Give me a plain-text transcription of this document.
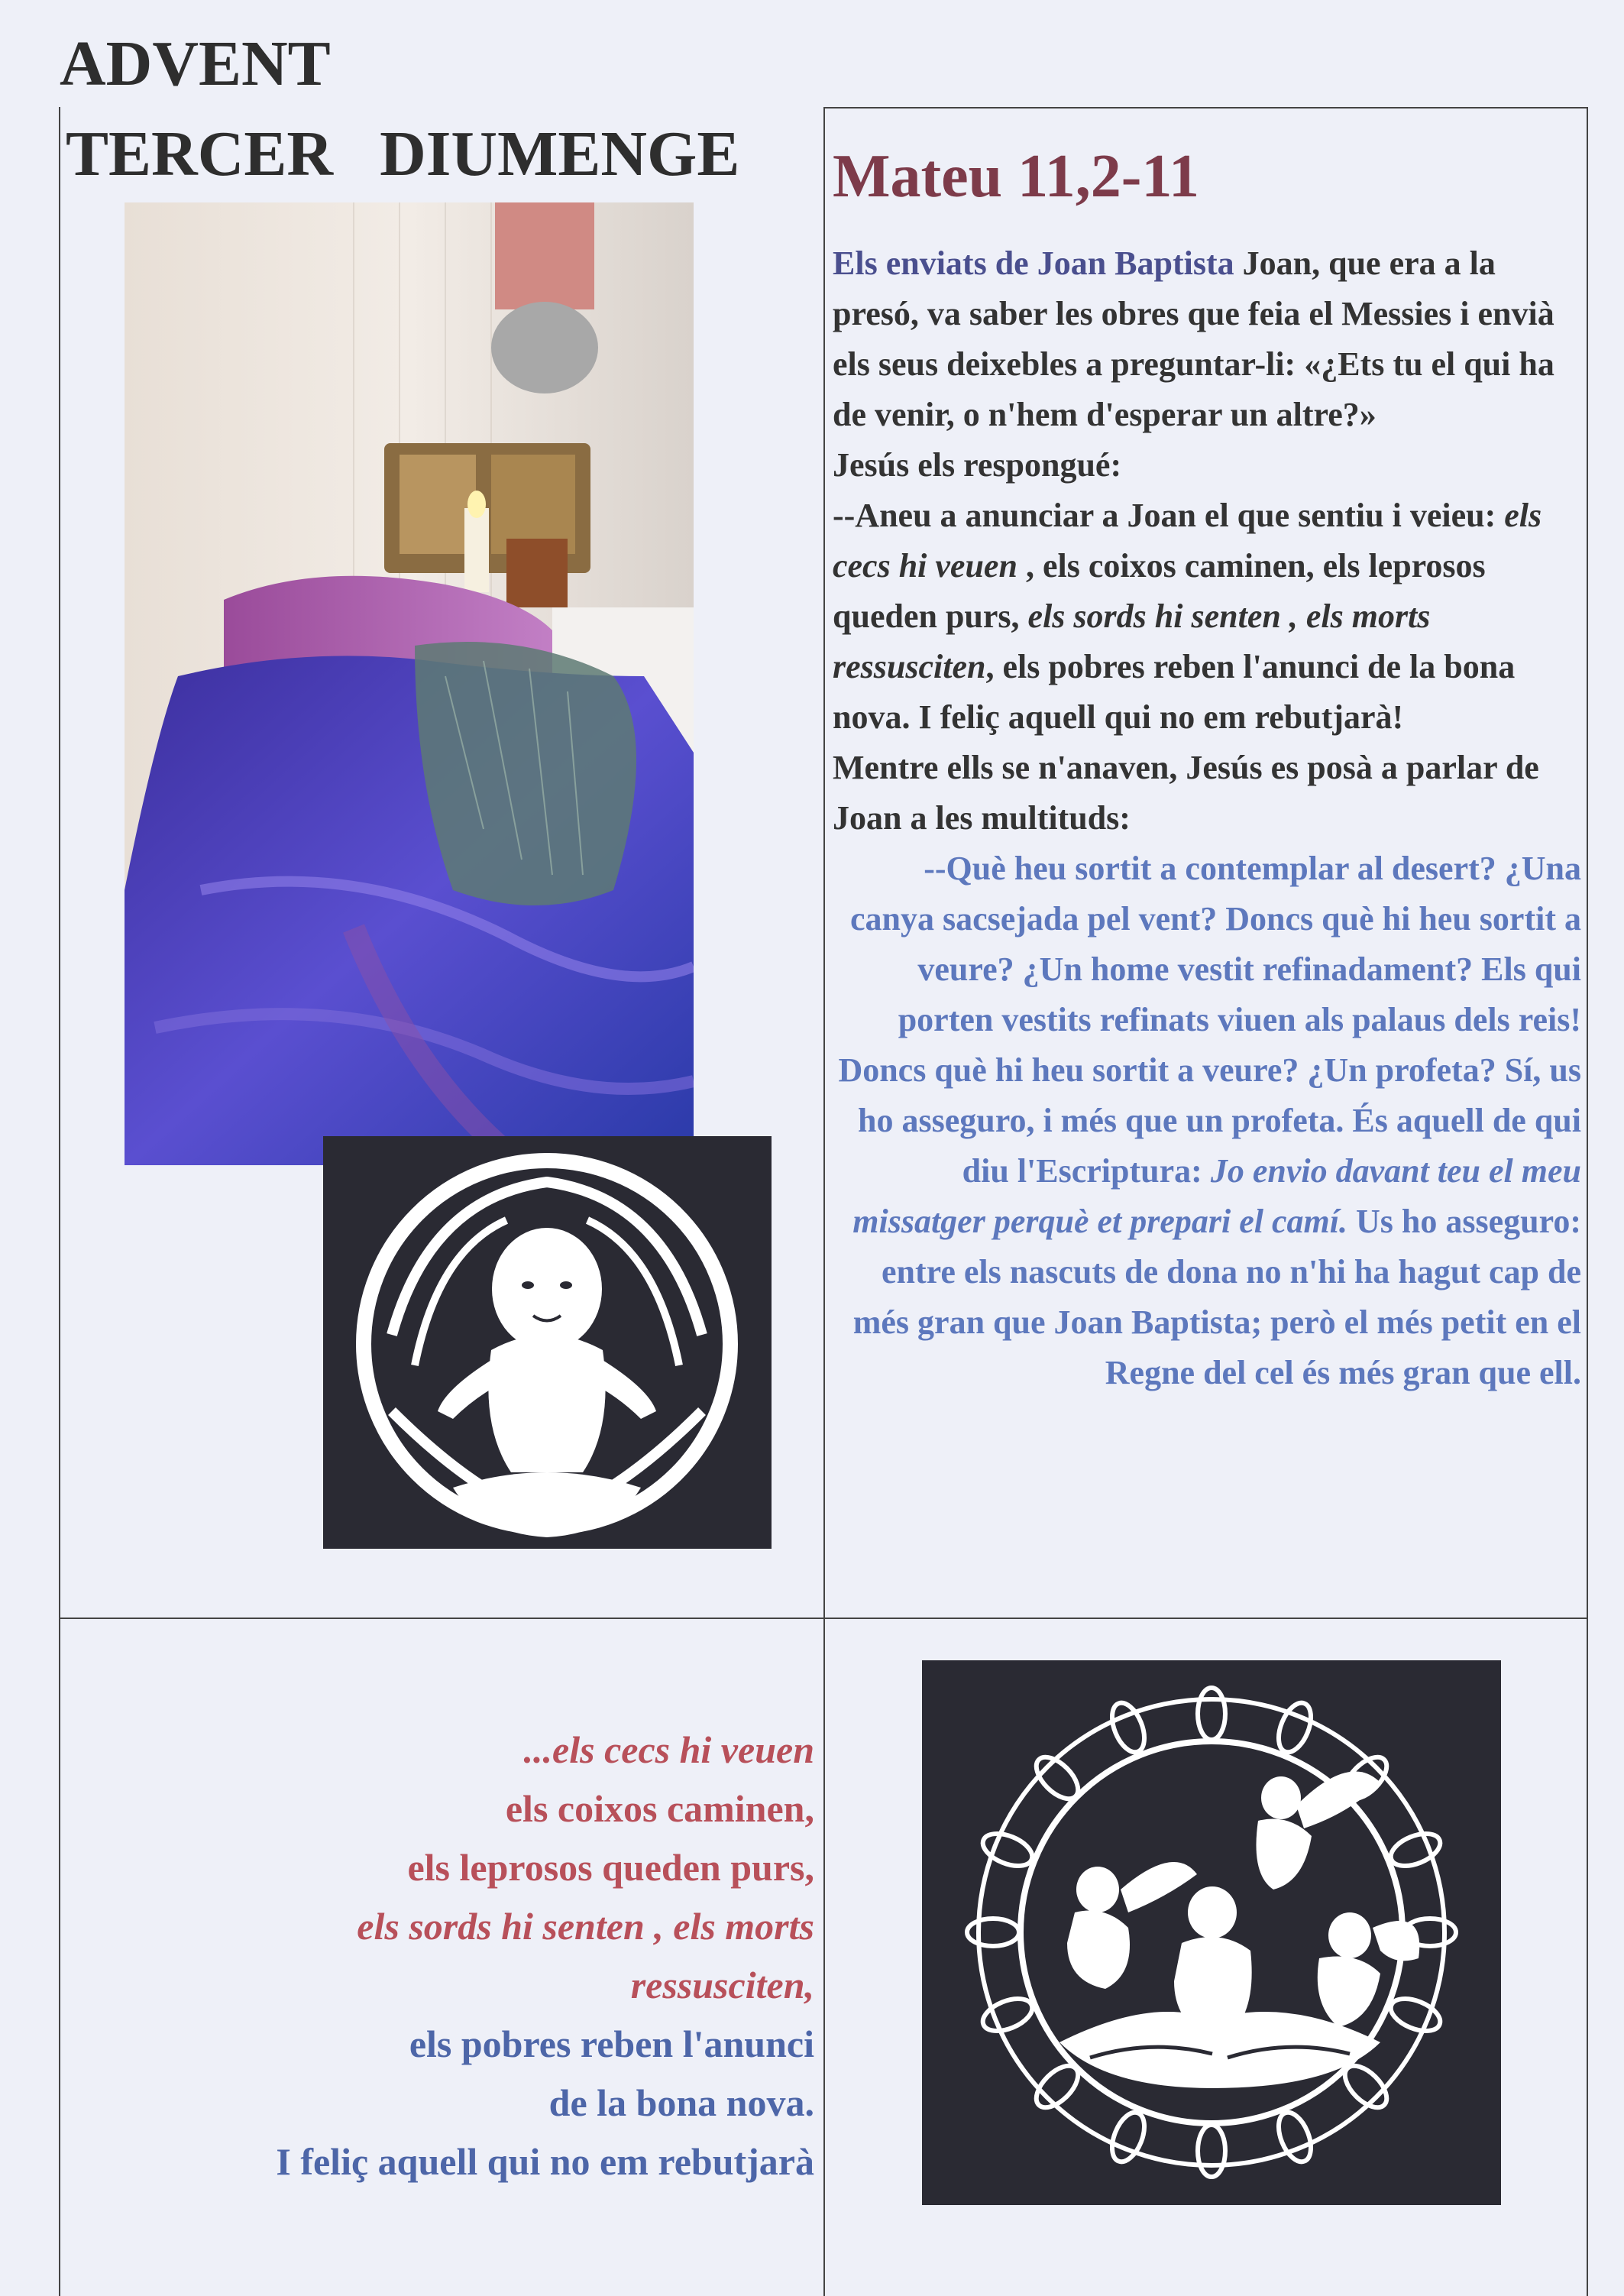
ADVENT
TERCER DIUMENGE Mateu 11,2-11

Els enviats de Joan Baptista Joan, que era a la presó, va saber les obres que feia el Messies i envià els seus deixebles a preguntar-li: «¿Ets tu el qui ha de venir, o n'hem d'esperar un altre?»

Jesús els respongué:

--Aneu a anunciar a Joan el que sentiu i veieu: els cecs hi veuen , els coixos caminen, els leprosos queden purs, els sords hi senten , els morts ressusciten, els pobres reben l'anunci de la bona nova. I feliç aquell qui no em rebutjarà!

Mentre ells se n'anaven, Jesús es posà a parlar de Joan a les multituds:

--Què heu sortit a contemplar al desert? ¿Una canya sacsejada pel vent? Doncs què hi heu sortit a veure? ¿Un home vestit refinadament? Els qui porten vestits refinats viuen als palaus dels reis! Doncs què hi heu sortit a veure? ¿Un profeta? Sí, us ho asseguro, i més que un profeta. És aquell de qui diu l'Escriptura: Jo envio davant teu el meu missatger perquè et prepari el camí. Us ho asseguro: entre els nascuts de dona no n'hi ha hagut cap de més gran que Joan Baptista; però el més petit en el Regne del cel és més gran que ell.

...els cecs hi veuen
els coixos caminen,
els leprosos queden purs,
els sords hi senten , els morts
ressusciten,
els pobres reben l'anunci
de la bona nova.
I feliç aquell qui no em rebutjarà
